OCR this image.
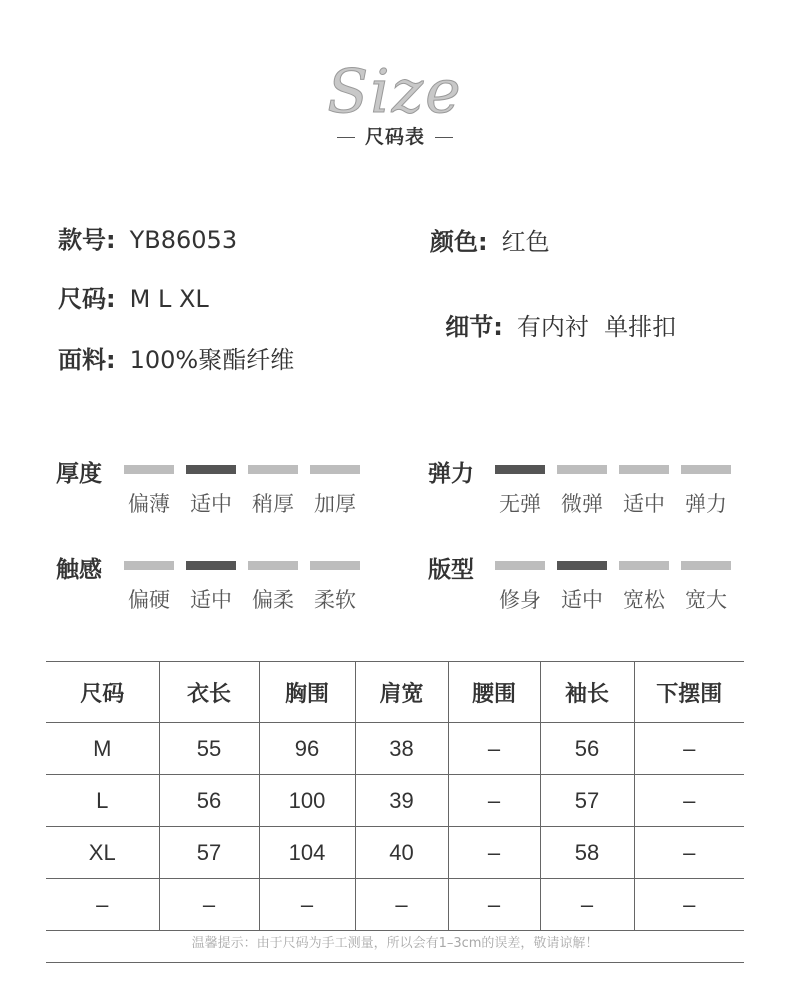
Size
尺码表
款号: YB86053	颜色: 红色
尺码: M L XL

细节: 有内衬  单排扣

面料: 100%聚酯纤维
厚度
偏薄 适中 稍厚 加厚
弹力
无弹 微弹 适中 弹力
触感
偏硬 适中 偏柔 柔软
版型
修身 适中 宽松 宽大
尺码	衣长	胸围	肩宽	腰围	袖长	下摆围
M	55	96	38	–	56	–
L	56	100	39	–	57	–
XL	57	104	40	–	58	–
–	–	–	–	–	–	–
温馨提示：由于尺码为手工测量，所以会有1–3cm的误差，敬请谅解！
